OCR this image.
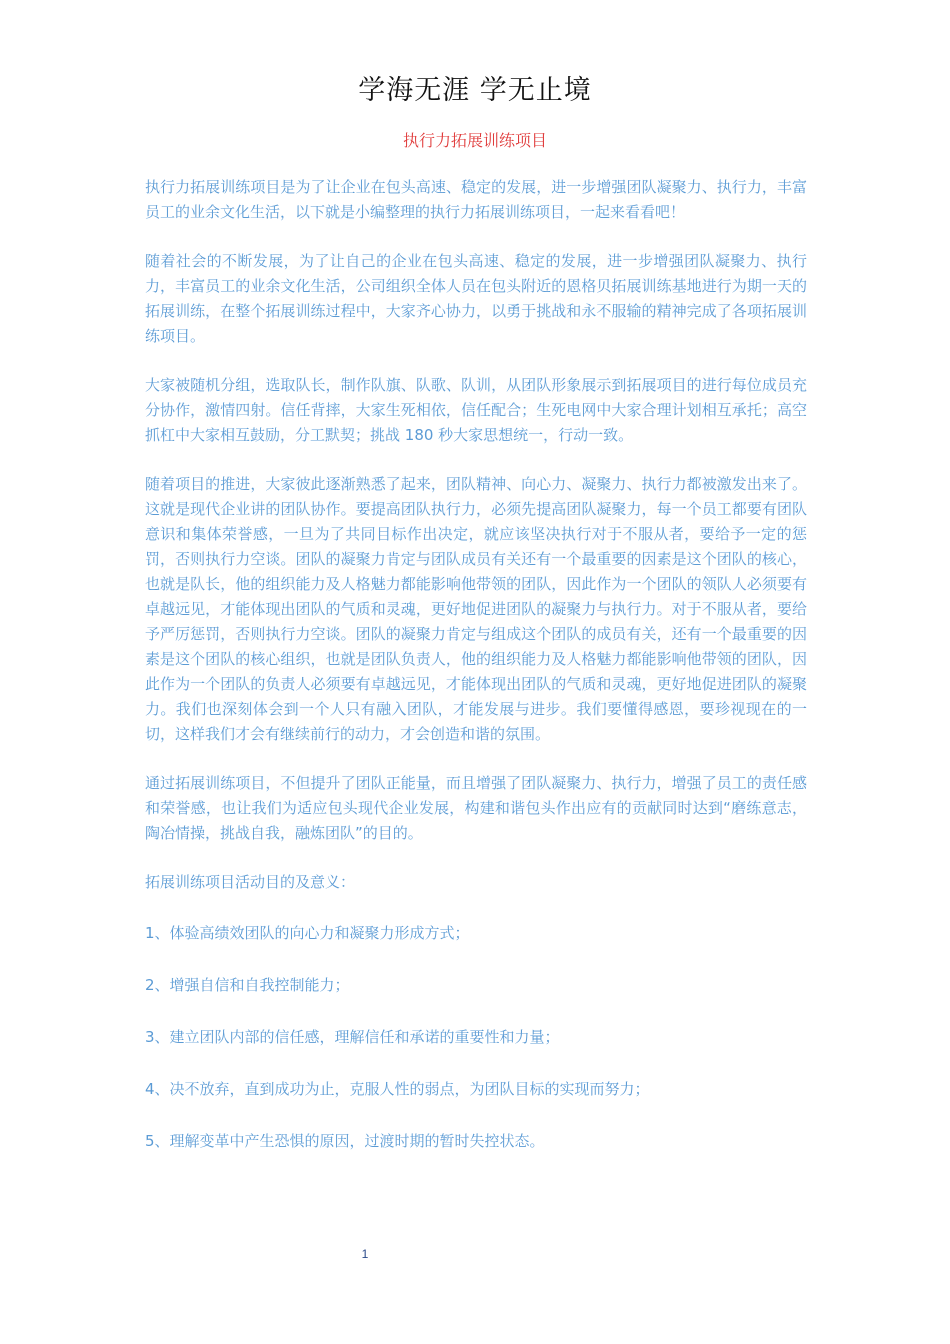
学海无涯 学无止境
执行力拓展训练项目

执行力拓展训练项目是为了让企业在包头高速、稳定的发展，进一步增强团队凝聚力、执行力，丰富员工的业余文化生活，以下就是小编整理的执行力拓展训练项目，一起来看看吧！

随着社会的不断发展，为了让自己的企业在包头高速、稳定的发展，进一步增强团队凝聚力、执行力，丰富员工的业余文化生活，公司组织全体人员在包头附近的恩格贝拓展训练基地进行为期一天的拓展训练，在整个拓展训练过程中，大家齐心协力，以勇于挑战和永不服输的精神完成了各项拓展训练项目。

大家被随机分组，选取队长，制作队旗、队歌、队训，从团队形象展示到拓展项目的进行每位成员充分协作，激情四射。信任背摔，大家生死相依，信任配合；生死电网中大家合理计划相互承托；高空抓杠中大家相互鼓励，分工默契；挑战 180 秒大家思想统一，行动一致。

随着项目的推进，大家彼此逐渐熟悉了起来，团队精神、向心力、凝聚力、执行力都被激发出来了。这就是现代企业讲的团队协作。要提高团队执行力，必须先提高团队凝聚力，每一个员工都要有团队意识和集体荣誉感，一旦为了共同目标作出决定，就应该坚决执行对于不服从者，要给予一定的惩罚，否则执行力空谈。团队的凝聚力肯定与团队成员有关还有一个最重要的因素是这个团队的核心，也就是队长，他的组织能力及人格魅力都能影响他带领的团队，因此作为一个团队的领队人必须要有卓越远见，才能体现出团队的气质和灵魂，更好地促进团队的凝聚力与执行力。对于不服从者，要给予严厉惩罚，否则执行力空谈。团队的凝聚力肯定与组成这个团队的成员有关，还有一个最重要的因素是这个团队的核心组织，也就是团队负责人，他的组织能力及人格魅力都能影响他带领的团队，因此作为一个团队的负责人必须要有卓越远见，才能体现出团队的气质和灵魂，更好地促进团队的凝聚力。我们也深刻体会到一个人只有融入团队，才能发展与进步。我们要懂得感恩，要珍视现在的一切，这样我们才会有继续前行的动力，才会创造和谐的氛围。

通过拓展训练项目，不但提升了团队正能量，而且增强了团队凝聚力、执行力，增强了员工的责任感和荣誉感，也让我们为适应包头现代企业发展，构建和谐包头作出应有的贡献同时达到“磨练意志，陶冶情操，挑战自我，融炼团队”的目的。

拓展训练项目活动目的及意义：

1、体验高绩效团队的向心力和凝聚力形成方式；

2、增强自信和自我控制能力；

3、建立团队内部的信任感，理解信任和承诺的重要性和力量；

4、决不放弃，直到成功为止，克服人性的弱点，为团队目标的实现而努力；

5、理解变革中产生恐惧的原因，过渡时期的暂时失控状态。

1
